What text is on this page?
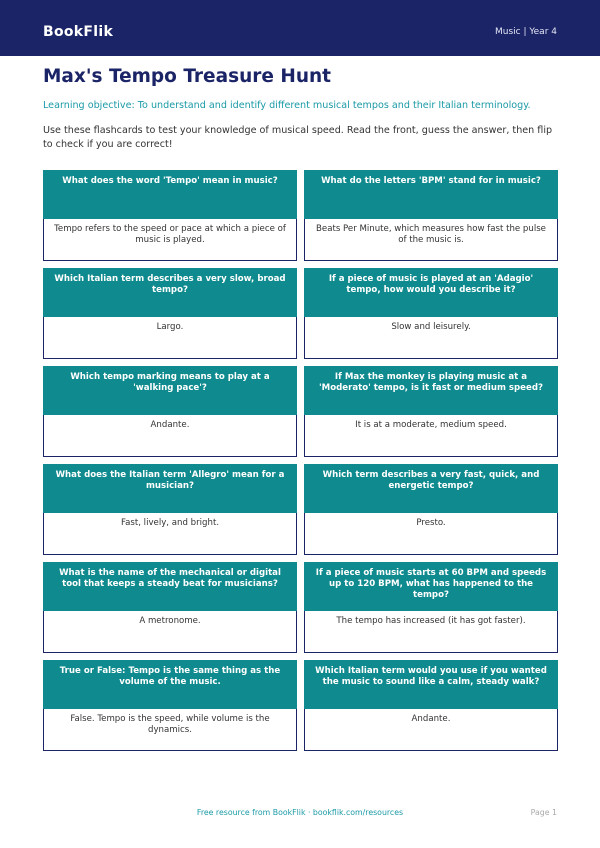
BookFlik	Music | Year 4
Max's Tempo Treasure Hunt
Learning objective: To understand and identify different musical tempos and their Italian terminology.
Use these flashcards to test your knowledge of musical speed. Read the front, guess the answer, then flip to check if you are correct!
What does the word 'Tempo' mean in music?
Tempo refers to the speed or pace at which a piece of music is played.
What do the letters 'BPM' stand for in music?
Beats Per Minute, which measures how fast the pulse of the music is.
Which Italian term describes a very slow, broad tempo?
Largo.
If a piece of music is played at an 'Adagio' tempo, how would you describe it?
Slow and leisurely.
Which tempo marking means to play at a 'walking pace'?
Andante.
If Max the monkey is playing music at a 'Moderato' tempo, is it fast or medium speed?
It is at a moderate, medium speed.
What does the Italian term 'Allegro' mean for a musician?
Fast, lively, and bright.
Which term describes a very fast, quick, and energetic tempo?
Presto.
What is the name of the mechanical or digital tool that keeps a steady beat for musicians?
A metronome.
If a piece of music starts at 60 BPM and speeds up to 120 BPM, what has happened to the tempo?
The tempo has increased (it has got faster).
True or False: Tempo is the same thing as the volume of the music.
False. Tempo is the speed, while volume is the dynamics.
Which Italian term would you use if you wanted the music to sound like a calm, steady walk?
Andante.
Free resource from BookFlik · bookflik.com/resources	Page 1
